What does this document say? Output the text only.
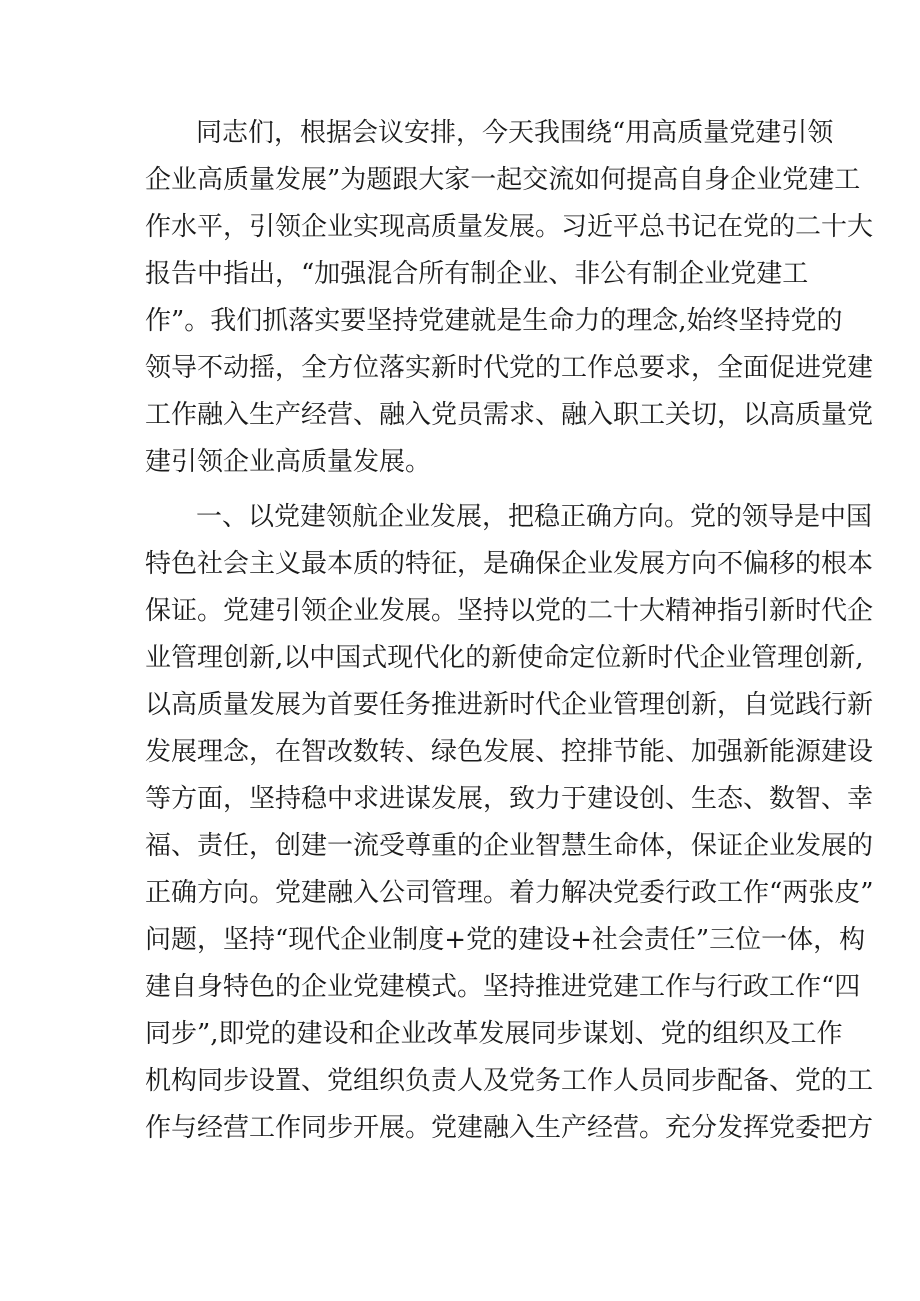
同志们，根据会议安排，今天我围绕“用高质量党建引领
企业高质量发展”为题跟大家一起交流如何提高自身企业党建工
作水平，引领企业实现高质量发展。习近平总书记在党的二十大
报告中指出，“加强混合所有制企业、非公有制企业党建工
作”。我们抓落实要坚持党建就是生命力的理念,始终坚持党的
领导不动摇，全方位落实新时代党的工作总要求，全面促进党建
工作融入生产经营、融入党员需求、融入职工关切，以高质量党
建引领企业高质量发展。
一、以党建领航企业发展，把稳正确方向。党的领导是中国
特色社会主义最本质的特征，是确保企业发展方向不偏移的根本
保证。党建引领企业发展。坚持以党的二十大精神指引新时代企
业管理创新,以中国式现代化的新使命定位新时代企业管理创新,
以高质量发展为首要任务推进新时代企业管理创新，自觉践行新
发展理念，在智改数转、绿色发展、控排节能、加强新能源建设
等方面，坚持稳中求进谋发展，致力于建设创、生态、数智、幸
福、责任，创建一流受尊重的企业智慧生命体，保证企业发展的
正确方向。党建融入公司管理。着力解决党委行政工作“两张皮”
问题，坚持“现代企业制度+党的建设+社会责任”三位一体，构
建自身特色的企业党建模式。坚持推进党建工作与行政工作“四
同步”,即党的建设和企业改革发展同步谋划、党的组织及工作
机构同步设置、党组织负责人及党务工作人员同步配备、党的工
作与经营工作同步开展。党建融入生产经营。充分发挥党委把方
